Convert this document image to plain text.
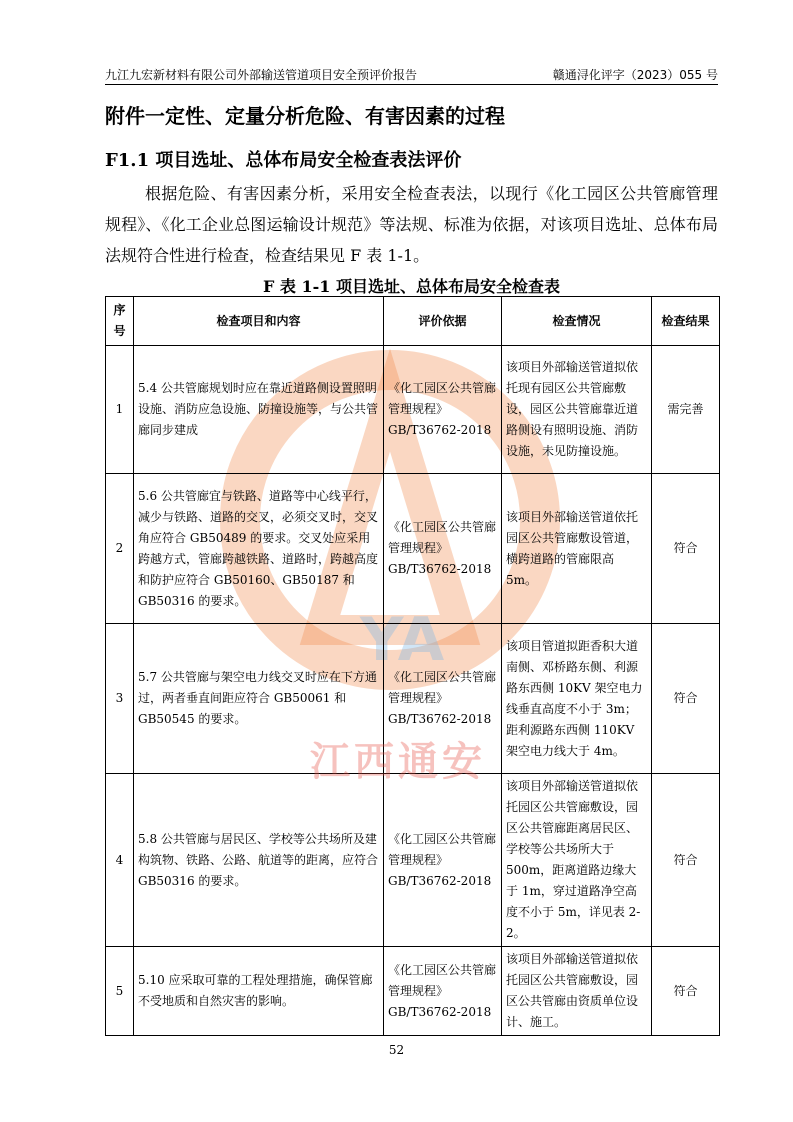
九江九宏新材料有限公司外部输送管道项目安全预评价报告	赣通浔化评字（2023）055 号
附件一定性、定量分析危险、有害因素的过程
F1.1 项目选址、总体布局安全检查表法评价
根据危险、有害因素分析，采用安全检查表法，以现行《化工园区公共管廊管理规程》、《化工企业总图运输设计规范》等法规、标准为依据，对该项目选址、总体布局法规符合性进行检查，检查结果见 F 表 1-1。
F 表 1-1 项目选址、总体布局安全检查表
YA
序号	检查项目和内容	评价依据	检查情况	检查结果
1	5.4 公共管廊规划时应在靠近道路侧设置照明设施、消防应急设施、防撞设施等，与公共管廊同步建成	《化工园区公共管廊管理规程》GB/T36762-2018	该项目外部输送管道拟依托现有园区公共管廊敷设，园区公共管廊靠近道路侧设有照明设施、消防设施，未见防撞设施。	需完善
2	5.6 公共管廊宜与铁路、道路等中心线平行，减少与铁路、道路的交叉，必须交叉时，交叉角应符合 GB50489 的要求。交叉处应采用跨越方式，管廊跨越铁路、道路时，跨越高度和防护应符合 GB50160、GB50187 和 GB50316 的要求。	《化工园区公共管廊管理规程》GB/T36762-2018	该项目外部输送管道依托园区公共管廊敷设管道，横跨道路的管廊限高 5m。	符合
3	5.7 公共管廊与架空电力线交叉时应在下方通过，两者垂直间距应符合 GB50061 和 GB50545 的要求。	《化工园区公共管廊管理规程》GB/T36762-2018	该项目管道拟距香积大道南侧、邓桥路东侧、利源路东西侧 10KV 架空电力线垂直高度不小于 3m；距利源路东西侧 110KV 架空电力线大于 4m。	符合
4	5.8 公共管廊与居民区、学校等公共场所及建构筑物、铁路、公路、航道等的距离，应符合 GB50316 的要求。	《化工园区公共管廊管理规程》GB/T36762-2018	该项目外部输送管道拟依托园区公共管廊敷设，园区公共管廊距离居民区、学校等公共场所大于 500m，距离道路边缘大于 1m，穿过道路净空高度不小于 5m，详见表 2-2。	符合
5	5.10 应采取可靠的工程处理措施，确保管廊不受地质和自然灾害的影响。	《化工园区公共管廊管理规程》GB/T36762-2018	该项目外部输送管道拟依托园区公共管廊敷设，园区公共管廊由资质单位设计、施工。	符合
江西通安
52
